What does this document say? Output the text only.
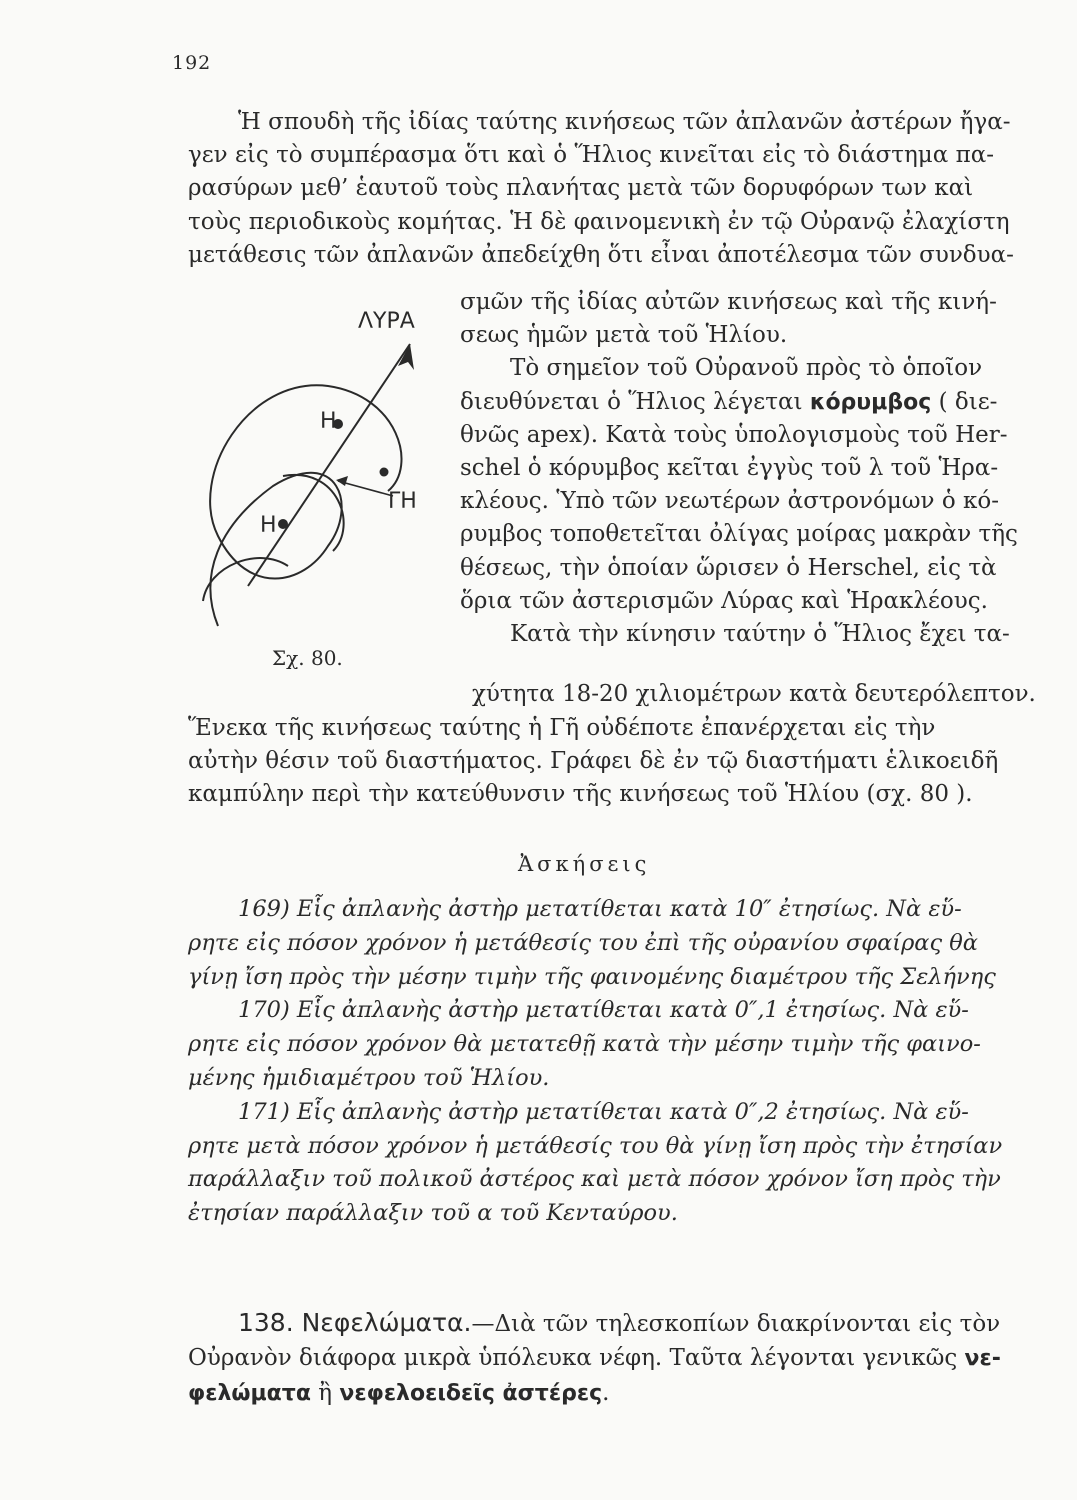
192
Ἡ σπουδὴ τῆς ἰδίας ταύτης κινήσεως τῶν ἀπλανῶν ἀστέρων ἤγα-
γεν εἰς τὸ συμπέρασμα ὅτι καὶ ὁ Ἥλιος κινεῖται εἰς τὸ διάστημα πα-
ρασύρων μεθ’ ἑαυτοῦ τοὺς πλανήτας μετὰ τῶν δορυφόρων των καὶ
τοὺς περιοδικοὺς κομήτας. Ἡ δὲ φαινομενικὴ ἐν τῷ Οὐρανῷ ἐλαχίστη
μετάθεσις τῶν ἀπλανῶν ἀπεδείχθη ὅτι εἶναι ἀποτέλεσμα τῶν συνδυα-
σμῶν τῆς ἰδίας αὐτῶν κινήσεως καὶ τῆς κινή-
σεως ἡμῶν μετὰ τοῦ Ἡλίου.
Τὸ σημεῖον τοῦ Οὐρανοῦ πρὸς τὸ ὁποῖον
διευθύνεται ὁ Ἥλιος λέγεται κόρυμβος ( διε-
θνῶς apex). Κατὰ τοὺς ὑπολογισμοὺς τοῦ Her-
schel ὁ κόρυμβος κεῖται ἐγγὺς τοῦ λ τοῦ Ἡρα-
κλέους. Ὑπὸ τῶν νεωτέρων ἀστρονόμων ὁ κό-
ρυμβος τοποθετεῖται ὀλίγας μοίρας μακρὰν τῆς
θέσεως, τὴν ὁποίαν ὥρισεν ὁ Herschel, εἰς τὰ
ὅρια τῶν ἀστερισμῶν Λύρας καὶ Ἡρακλέους.
Κατὰ τὴν κίνησιν ταύτην ὁ Ἥλιος ἔχει τα-
χύτητα 18-20 χιλιομέτρων κατὰ δευτερόλεπτον.
Ἕνεκα τῆς κινήσεως ταύτης ἡ Γῆ οὐδέποτε ἐπανέρχεται εἰς τὴν
αὐτὴν θέσιν τοῦ διαστήματος. Γράφει δὲ ἐν τῷ διαστήματι ἑλικοειδῆ
καμπύλην περὶ τὴν κατεύθυνσιν τῆς κινήσεως τοῦ Ἡλίου (σχ. 80 ).
ΛΥΡΑ
Η
Η
ΓΗ
Σχ. 80.
Ἀσκήσεις
169) Εἷς ἀπλανὴς ἀστὴρ μετατίθεται κατὰ 10″ ἐτησίως. Νὰ εὕ-
ρητε εἰς πόσον χρόνον ἡ μετάθεσίς του ἐπὶ τῆς οὐρανίου σφαίρας θὰ
γίνῃ ἴση πρὸς τὴν μέσην τιμὴν τῆς φαινομένης διαμέτρου τῆς Σελήνης
170) Εἷς ἀπλανὴς ἀστὴρ μετατίθεται κατὰ 0″,1 ἐτησίως. Νὰ εὕ-
ρητε εἰς πόσον χρόνον θὰ μετατεθῇ κατὰ τὴν μέσην τιμὴν τῆς φαινο-
μένης ἡμιδιαμέτρου τοῦ Ἡλίου.
171) Εἷς ἀπλανὴς ἀστὴρ μετατίθεται κατὰ 0″,2 ἐτησίως. Νὰ εὕ-
ρητε μετὰ πόσον χρόνον ἡ μετάθεσίς του θὰ γίνῃ ἴση πρὸς τὴν ἐτησίαν
παράλλαξιν τοῦ πολικοῦ ἀστέρος καὶ μετὰ πόσον χρόνον ἴση πρὸς τὴν
ἐτησίαν παράλλαξιν τοῦ α τοῦ Κενταύρου.
138. Νεφελώματα.—Διὰ τῶν τηλεσκοπίων διακρίνονται εἰς τὸν
Οὐρανὸν διάφορα μικρὰ ὑπόλευκα νέφη. Ταῦτα λέγονται γενικῶς νε-
φελώματα ἢ νεφελοειδεῖς ἀστέρες.
